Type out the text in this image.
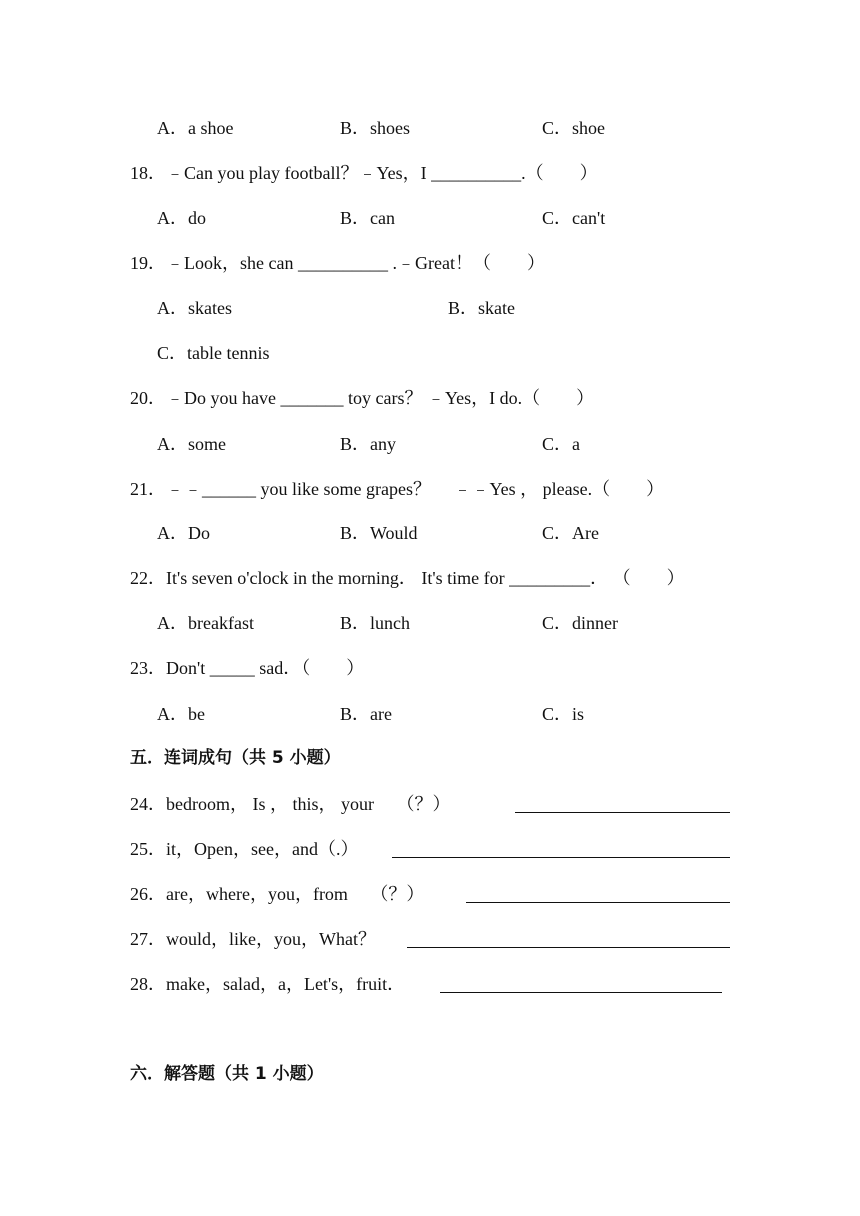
A．a shoe	B．shoes	C．shoe
18．﹣Can you play football？﹣Yes，I __________.（　　）
A．do	B．can	C．can't
19．﹣Look，she can __________ .﹣Great！（　　）
A．skates	B．skate
C．table tennis
20．﹣Do you have _______ toy cars？ ﹣Yes，I do.（　　）
A．some	B．any	C．a
21．﹣﹣______ you like some grapes？　 ﹣﹣Yes ， please.（　　）
A．Do	B．Would	C．Are
22．It's seven o'clock in the morning． It's time for _________． （　　）
A．breakfast	B．lunch	C．dinner
23．Don't _____ sad．（　　）
A．be	B．are	C．is
五．连词成句（共 5 小题）
24．bedroom， Is ， this， your　 （？）
25．it，Open，see，and（.）
26．are，where，you，from　 （？）
27．would，like，you，What？
28．make，salad，a，Let's，fruit．
六．解答题（共 1 小题）
